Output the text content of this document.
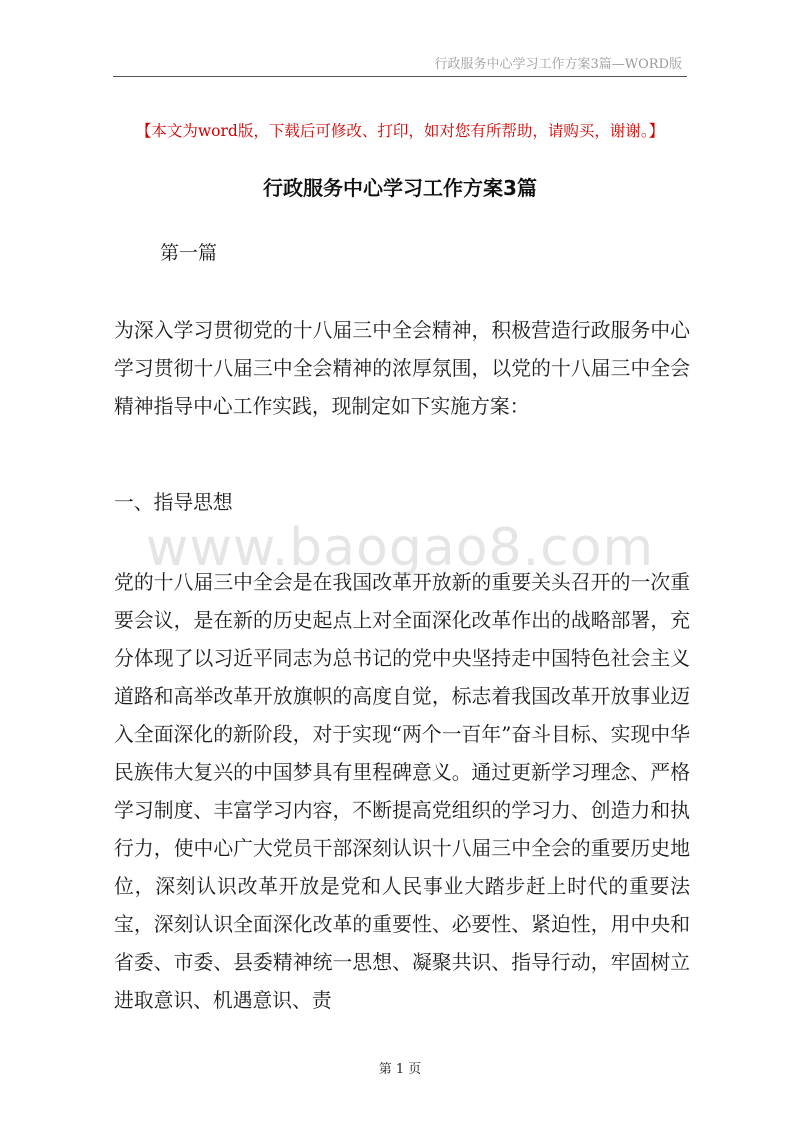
行政服务中心学习工作方案3篇—WORD版
【本文为word版，下载后可修改、打印，如对您有所帮助，请购买，谢谢。】
行政服务中心学习工作方案3篇
第一篇
为深入学习贯彻党的十八届三中全会精神，积极营造行政服务中心学习贯彻十八届三中全会精神的浓厚氛围，以党的十八届三中全会精神指导中心工作实践，现制定如下实施方案：
一、指导思想
党的十八届三中全会是在我国改革开放新的重要关头召开的一次重要会议，是在新的历史起点上对全面深化改革作出的战略部署，充分体现了以习近平同志为总书记的党中央坚持走中国特色社会主义道路和高举改革开放旗帜的高度自觉，标志着我国改革开放事业迈入全面深化的新阶段，对于实现“两个一百年”奋斗目标、实现中华民族伟大复兴的中国梦具有里程碑意义。通过更新学习理念、严格学习制度、丰富学习内容，不断提高党组织的学习力、创造力和执行力，使中心广大党员干部深刻认识十八届三中全会的重要历史地位，深刻认识改革开放是党和人民事业大踏步赶上时代的重要法宝，深刻认识全面深化改革的重要性、必要性、紧迫性，用中央和省委、市委、县委精神统一思想、凝聚共识、指导行动，牢固树立进取意识、机遇意识、责
www.baogao8.com
第 1 页
